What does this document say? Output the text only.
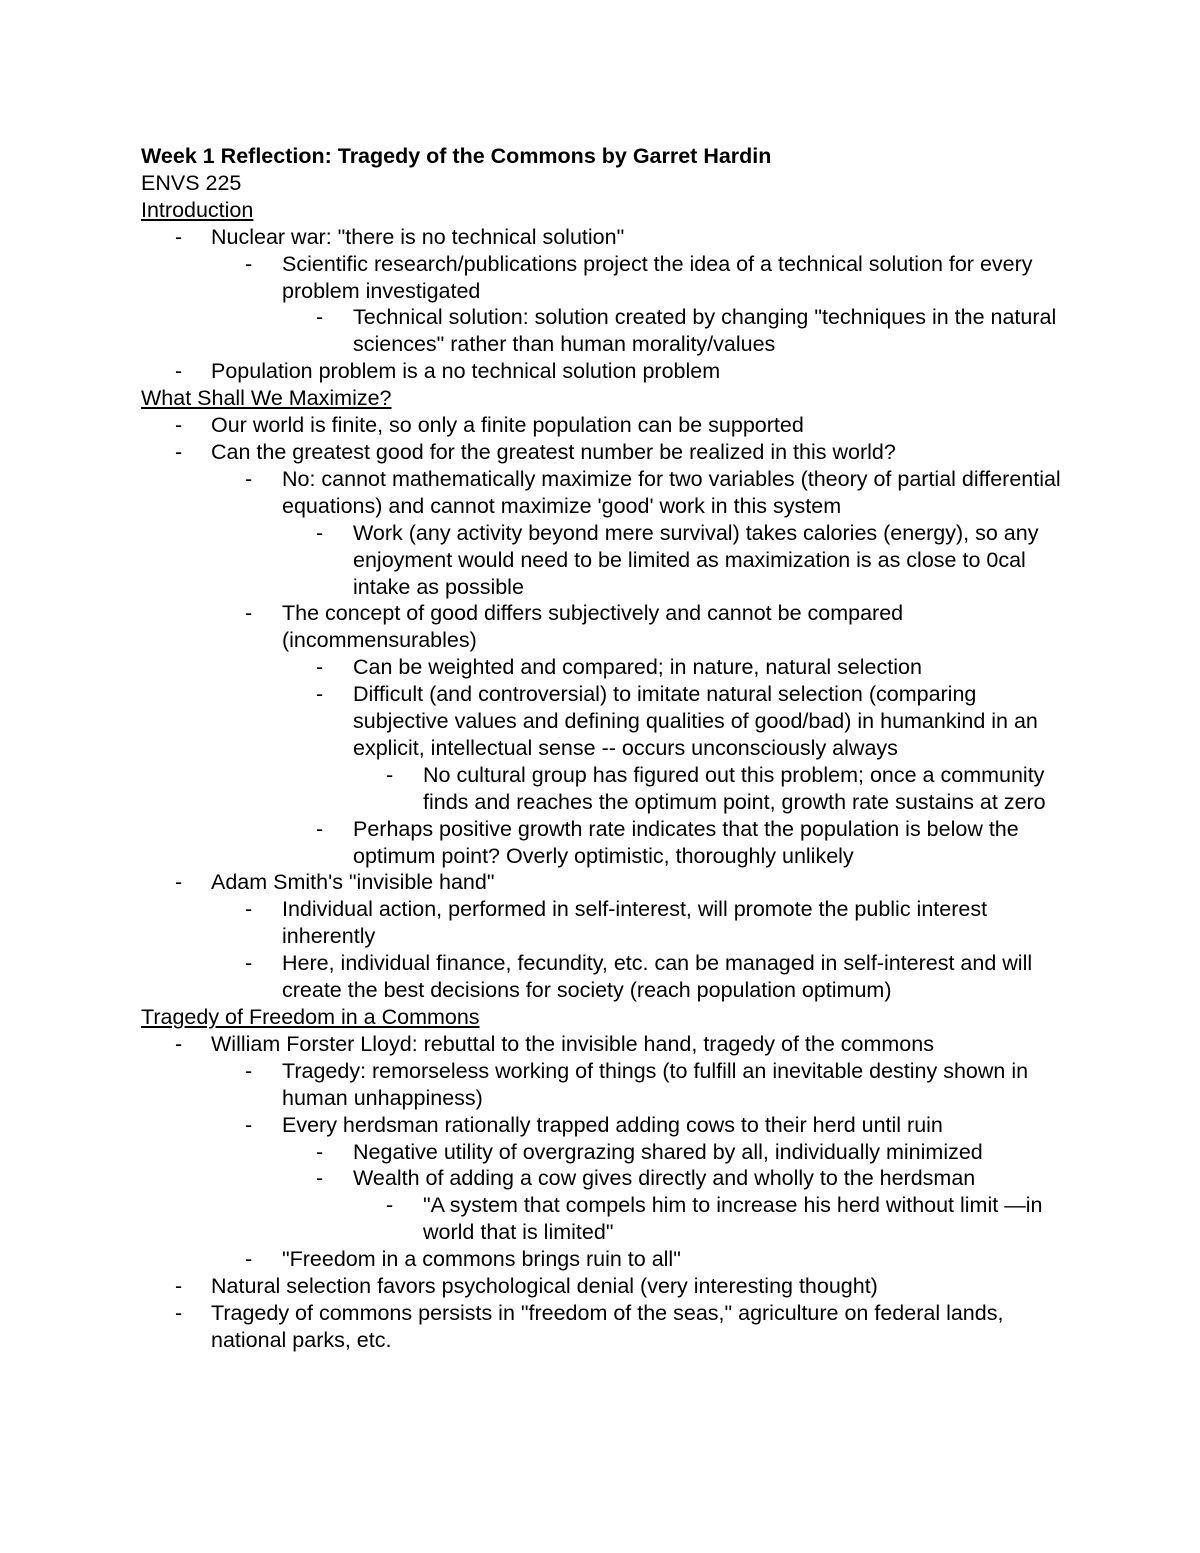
Week 1 Reflection: Tragedy of the Commons by Garret Hardin

ENVS 225

Introduction

- Nuclear war: "there is no technical solution"
- Scientific research/publications project the idea of a technical solution for every problem investigated
- Technical solution: solution created by changing "techniques in the natural sciences" rather than human morality/values
- Population problem is a no technical solution problem

What Shall We Maximize?

- Our world is finite, so only a finite population can be supported
- Can the greatest good for the greatest number be realized in this world?
- No: cannot mathematically maximize for two variables (theory of partial differential equations) and cannot maximize 'good' work in this system
- Work (any activity beyond mere survival) takes calories (energy), so any enjoyment would need to be limited as maximization is as close to 0cal intake as possible
- The concept of good differs subjectively and cannot be compared (incommensurables)
- Can be weighted and compared; in nature, natural selection
- Difficult (and controversial) to imitate natural selection (comparing subjective values and defining qualities of good/bad) in humankind in an explicit, intellectual sense -- occurs unconsciously always
- No cultural group has figured out this problem; once a community finds and reaches the optimum point, growth rate sustains at zero
- Perhaps positive growth rate indicates that the population is below the optimum point? Overly optimistic, thoroughly unlikely
- Adam Smith's "invisible hand"
- Individual action, performed in self-interest, will promote the public interest inherently
- Here, individual finance, fecundity, etc. can be managed in self-interest and will create the best decisions for society (reach population optimum)

Tragedy of Freedom in a Commons

- William Forster Lloyd: rebuttal to the invisible hand, tragedy of the commons
- Tragedy: remorseless working of things (to fulfill an inevitable destiny shown in human unhappiness)
- Every herdsman rationally trapped adding cows to their herd until ruin
- Negative utility of overgrazing shared by all, individually minimized
- Wealth of adding a cow gives directly and wholly to the herdsman
- "A system that compels him to increase his herd without limit —in world that is limited"
- "Freedom in a commons brings ruin to all"
- Natural selection favors psychological denial (very interesting thought)
- Tragedy of commons persists in "freedom of the seas," agriculture on federal lands, national parks, etc.
